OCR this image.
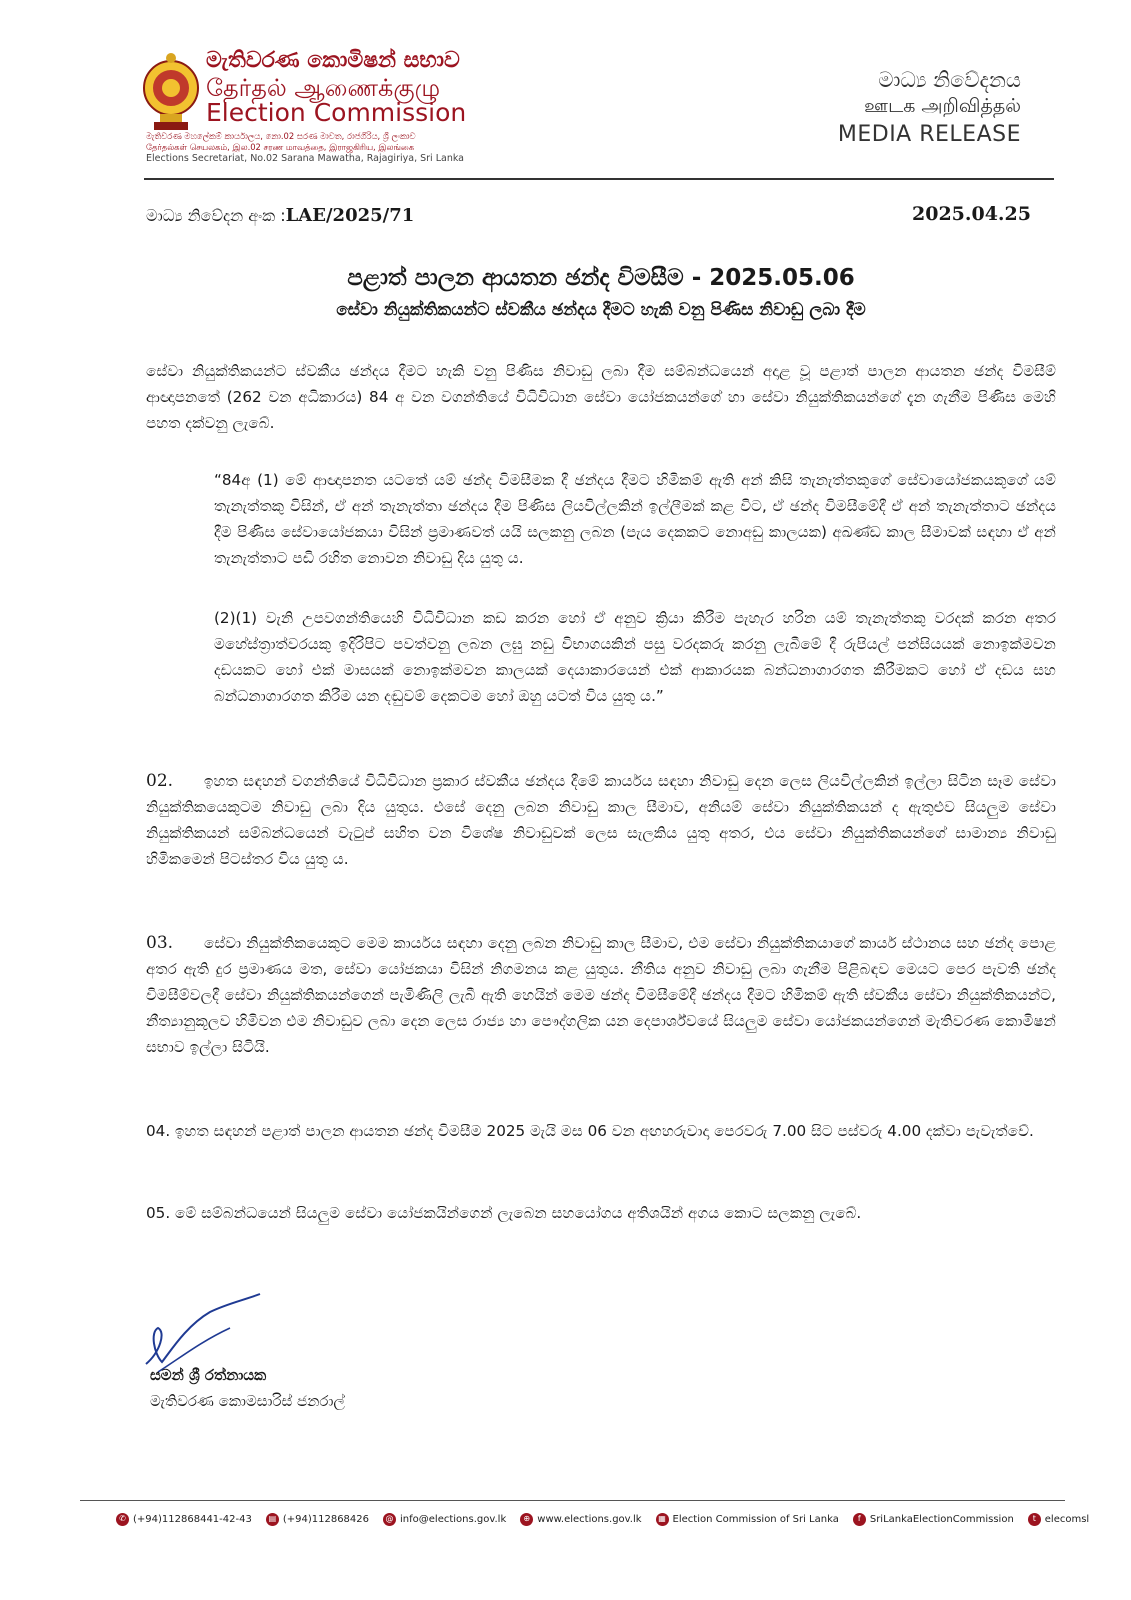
මැතිවරණ කොමිෂන් සභාව
தேர்தல் ஆணைக்குழு
Election Commission
මැතිවරණ මහලේකම් කාර්යාලය, නො.02 සරණ මාවත, රාජගිරිය, ශ්‍රී ලංකාව
தேர்தல்கள் செயலகம், இல.02 சரண மாவத்தை, இராஜகிரிய, இலங்கை
Elections Secretariat, No.02 Sarana Mawatha, Rajagiriya, Sri Lanka
මාධ්‍ය නිවේදනය
ஊடக அறிவித்தல்
MEDIA RELEASE
මාධ්‍ය නිවේදන අංක :LAE/2025/71	2025.04.25
පළාත් පාලන ආයතන ඡන්ද විමසීම - 2025.05.06
සේවා නියුක්තිකයන්ට ස්වකීය ඡන්දය දීමට හැකි වනු පිණිස නිවාඩු ලබා දීම
සේවා නියුක්තිකයන්ට ස්වකීය ඡන්දය දීමට හැකි වනු පිණිස නිවාඩු ලබා දීම සම්බන්ධයෙන් අදාළ වූ පළාත් පාලන ආයතන ඡන්ද විමසීම් ආඥාපනතේ (262 වන අධිකාරය) 84 අ වන වගන්තියේ විධිවිධාන සේවා යෝජකයන්ගේ හා සේවා නියුක්තිකයන්ගේ දැන ගැනීම පිණිස මෙහි පහත දක්වනු ලැබේ.
“84අ (1) මේ ආඥාපනත යටතේ යම් ඡන්ද විමසීමක දී ඡන්දය දීමට හිමිකම් ඇති අන් කිසි තැනැත්තකුගේ සේවායෝජකයකුගේ යම් තැනැත්තකු විසින්, ඒ අන් තැනැත්තා ඡන්දය දීම පිණිස ලියවිල්ලකින් ඉල්ලීමක් කළ විට, ඒ ඡන්ද විමසීමේදී ඒ අන් තැනැත්තාට ඡන්දය දීම පිණිස සේවායෝජකයා විසින් ප්‍රමාණවත් යයි සලකනු ලබන (පැය දෙකකට නොඅඩු කාලයක) අඛණ්ඩ කාල සීමාවක් සඳහා ඒ අන් තැනැත්තාට පඩි රහිත නොවන නිවාඩු දිය යුතු ය.
(2)(1) වැනි උපවගන්තියෙහි විධිවිධාන කඩ කරන හෝ ඒ අනුව ක්‍රියා කිරීම පැහැර හරින යම් තැනැත්තකු වරදක් කරන අතර මහේස්ත්‍රාත්වරයකු ඉදිරිපිට පවත්වනු ලබන ලඝු නඩු විභාගයකින් පසු වරදකරු කරනු ලැබීමේ දී රුපියල් පන්සියයක් නොඉක්මවන දඩයකට හෝ එක් මාසයක් නොඉක්මවන කාලයක් දෙයාකාරයෙන් එක් ආකාරයක බන්ධනාගාරගත කිරීමකට හෝ ඒ දඩය සහ බන්ධනාගාරගත කිරීම යන දඬුවම් දෙකටම හෝ ඔහු යටත් විය යුතු ය.”
02. ඉහත සඳහන් වගන්තියේ විධිවිධාන ප්‍රකාර ස්වකීය ඡන්දය දීමේ කාර්යය සඳහා නිවාඩු දෙන ලෙස ලියවිල්ලකින් ඉල්ලා සිටින සෑම සේවා නියුක්තිකයෙකුටම නිවාඩු ලබා දිය යුතුය. එසේ දෙනු ලබන නිවාඩු කාල සීමාව, අනියම් සේවා නියුක්තිකයන් ද ඇතුළුව සියලුම සේවා නියුක්තිකයන් සම්බන්ධයෙන් වැටුප් සහිත වන විශේෂ නිවාඩුවක් ලෙස සැලකිය යුතු අතර, එය සේවා නියුක්තිකයන්ගේ සාමාන්‍ය නිවාඩු හිමිකමෙන් පිටස්තර විය යුතු ය.
03. සේවා නියුක්තිකයෙකුට මෙම කාර්යය සඳහා දෙනු ලබන නිවාඩු කාල සීමාව, එම සේවා නියුක්තිකයාගේ කාර්ය ස්ථානය සහ ඡන්ද පොළ අතර ඇති දුර ප්‍රමාණය මත, සේවා යෝජකයා විසින් නිගමනය කළ යුතුය. නීතිය අනුව නිවාඩු ලබා ගැනීම පිළිබඳව මෙයට පෙර පැවති ඡන්ද විමසීම්වලදී සේවා නියුක්තිකයන්ගෙන් පැමිණිලි ලැබී ඇති හෙයින් මෙම ඡන්ද විමසීමේදී ඡන්දය දීමට හිමිකම් ඇති ස්වකීය සේවා නියුක්තිකයන්ට, නීත්‍යානුකූලව හිමිවන එම නිවාඩුව ලබා දෙන ලෙස රාජ්‍ය හා පෞද්ගලික යන දෙපාර්ශ්වයේ සියලුම සේවා යෝජකයන්ගෙන් මැතිවරණ කොමිෂන් සභාව ඉල්ලා සිටියි.
04. ඉහත සඳහන් පළාත් පාලන ආයතන ඡන්ද විමසීම 2025 මැයි මස 06 වන අඟහරුවාදා පෙරවරු 7.00 සිට පස්වරු 4.00 දක්වා පැවැත්වේ.
05. මේ සම්බන්ධයෙන් සියලුම සේවා යෝජකයින්ගෙන් ලැබෙන සහයෝගය අතිශයින් අගය කොට සලකනු ලැබේ.
සමන් ශ්‍රී රත්නායක
මැතිවරණ කොමසාරිස් ජනරාල්
✆ (+94)112868441-42-43	▤ (+94)112868426	@ info@elections.gov.lk	⊕ www.elections.gov.lk	▦ Election Commission of Sri Lanka	f SriLankaElectionCommission	t elecomsl
